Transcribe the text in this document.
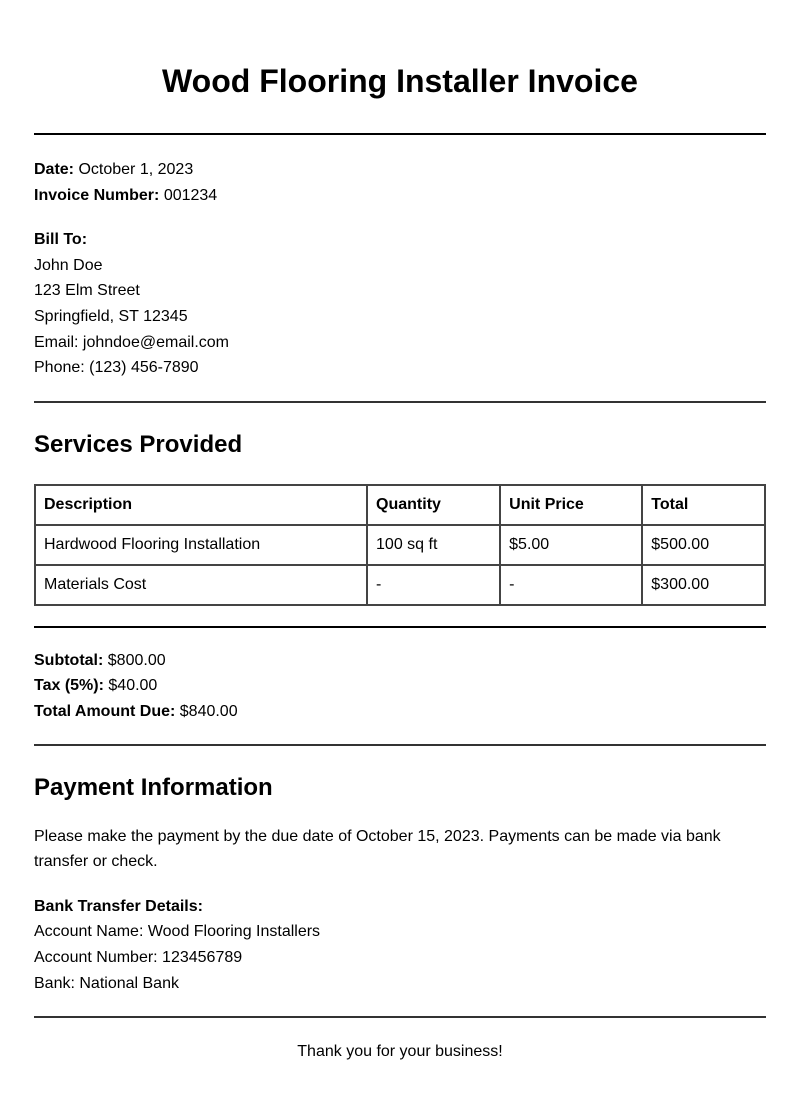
Wood Flooring Installer Invoice
Date: October 1, 2023
Invoice Number: 001234
Bill To:
John Doe
123 Elm Street
Springfield, ST 12345
Email: johndoe@email.com
Phone: (123) 456-7890
Services Provided
Description	Quantity	Unit Price	Total
Hardwood Flooring Installation	100 sq ft	$5.00	$500.00
Materials Cost	-	-	$300.00
Subtotal: $800.00
Tax (5%): $40.00
Total Amount Due: $840.00
Payment Information

Please make the payment by the due date of October 15, 2023. Payments can be made via bank transfer or check.

Bank Transfer Details:
Account Name: Wood Flooring Installers
Account Number: 123456789
Bank: National Bank
Thank you for your business!
